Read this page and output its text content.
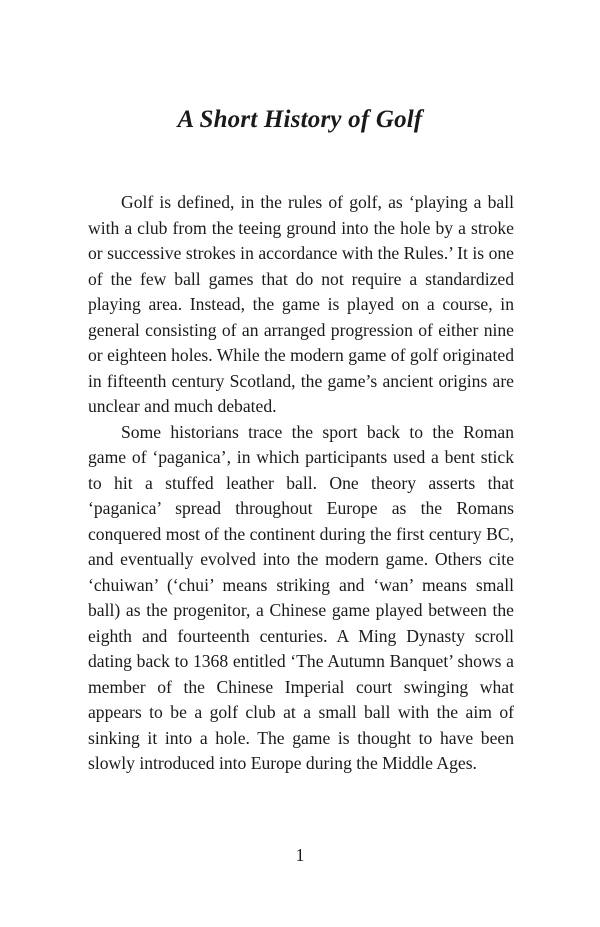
A Short History of Golf

Golf is defined, in the rules of golf, as ‘playing a ball with a club from the teeing ground into the hole by a stroke or successive strokes in accordance with the Rules.’ It is one of the few ball games that do not require a standardized playing area. Instead, the game is played on a course, in general consisting of an arranged progression of either nine or eighteen holes. While the modern game of golf originated in fifteenth century Scotland, the game’s ancient origins are unclear and much debated.

Some historians trace the sport back to the Roman game of ‘paganica’, in which participants used a bent stick to hit a stuffed leather ball. One theory asserts that ‘paganica’ spread throughout Europe as the Romans conquered most of the continent during the first century BC, and eventually evolved into the modern game. Others cite ‘chuiwan’ (‘chui’ means striking and ‘wan’ means small ball) as the progenitor, a Chinese game played between the eighth and fourteenth centuries. A Ming Dynasty scroll dating back to 1368 entitled ‘The Autumn Banquet’ shows a member of the Chinese Imperial court swinging what appears to be a golf club at a small ball with the aim of sinking it into a hole. The game is thought to have been slowly introduced into Europe during the Middle Ages.

1
